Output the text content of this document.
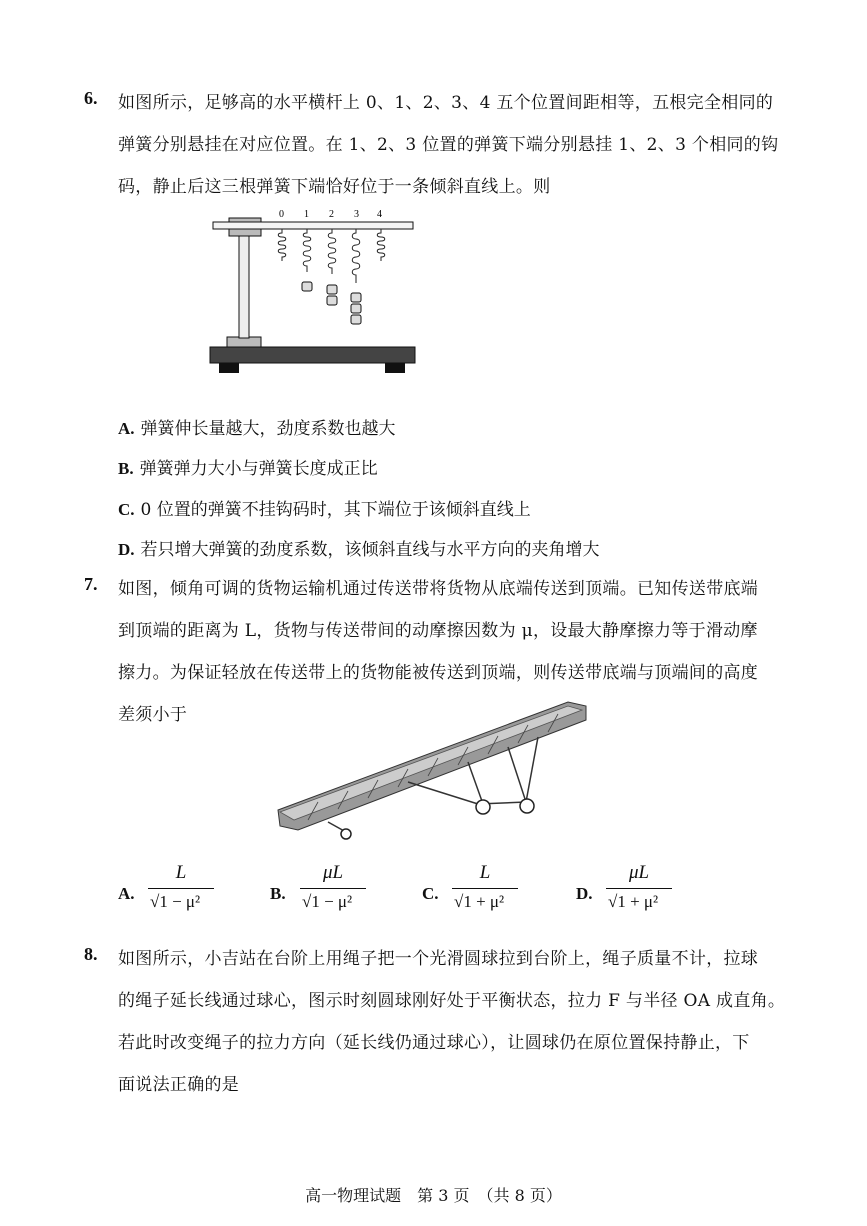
6. 如图所示，足够高的水平横杆上 0、1、2、3、4 五个位置间距相等，五根完全相同的
弹簧分别悬挂在对应位置。在 1、2、3 位置的弹簧下端分别悬挂 1、2、3 个相同的钩
码，静止后这三根弹簧下端恰好位于一条倾斜直线上。则
0 1 2 3 4
A. 弹簧伸长量越大，劲度系数也越大
B. 弹簧弹力大小与弹簧长度成正比
C. 0 位置的弹簧不挂钩码时，其下端位于该倾斜直线上
D. 若只增大弹簧的劲度系数，该倾斜直线与水平方向的夹角增大
7. 如图，倾角可调的货物运输机通过传送带将货物从底端传送到顶端。已知传送带底端
到顶端的距离为 L，货物与传送带间的动摩擦因数为 μ，设最大静摩擦力等于滑动摩
擦力。为保证轻放在传送带上的货物能被传送到顶端，则传送带底端与顶端间的高度
差须小于
A.
L
√1 − μ²	B.
μL
√1 − μ²	C.
L
√1 + μ²	D.
μL
√1 + μ²
8. 如图所示，小吉站在台阶上用绳子把一个光滑圆球拉到台阶上，绳子质量不计，拉球
的绳子延长线通过球心，图示时刻圆球刚好处于平衡状态，拉力 F 与半径 OA 成直角。
若此时改变绳子的拉力方向（延长线仍通过球心），让圆球仍在原位置保持静止，下
面说法正确的是
高一物理试题　第 3 页　（共 8 页）
